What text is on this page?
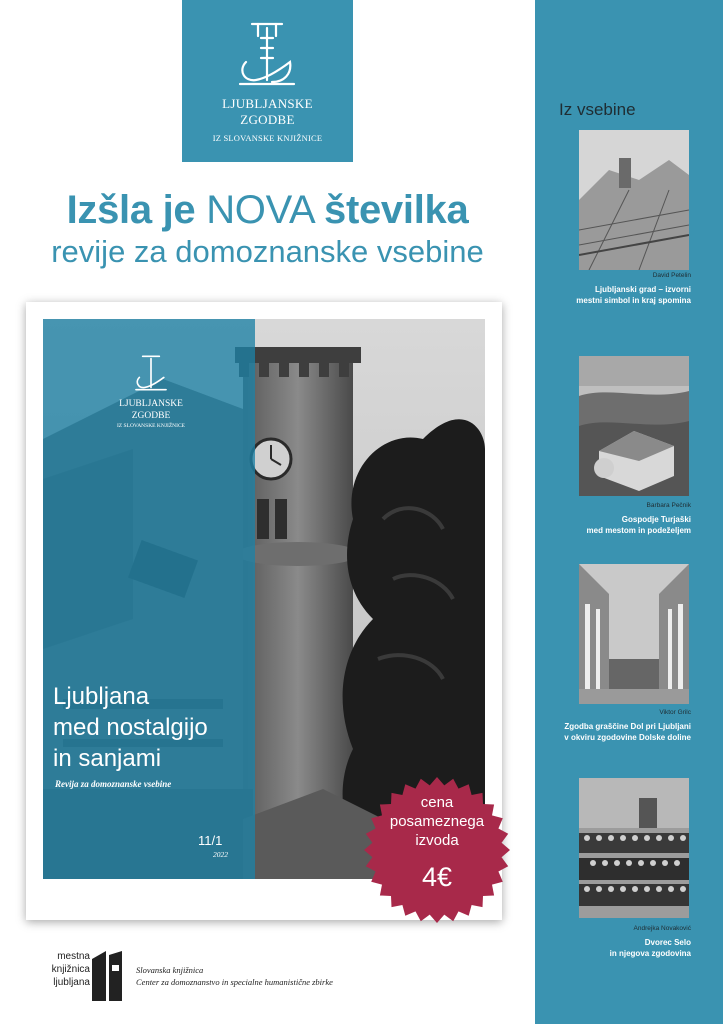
LJUBLJANSKE
ZGODBE
IZ SLOVANSKE KNJIŽNICE
Izšla je NOVA številka
revije za domoznanske vsebine
LJUBLJANSKE
ZGODBE
IZ SLOVANSKE KNJIŽNICE
Ljubljana
med nostalgijo
in sanjami
Revija za domoznanske vsebine
11/1
2022
cena
posameznega
izvoda
4€
mestna
knjižnica
ljubljana
Slovanska knjižnica
Center za domoznanstvo in specialne humanistične zbirke
Iz vsebine
David Petelin
Ljubljanski grad – izvorni
mestni simbol in kraj spomina
Barbara Pečnik
Gospodje Turjaški
med mestom in podeželjem
Viktor Grilc
Zgodba graščine Dol pri Ljubljani
v okviru zgodovine Dolske doline
Andrejka Novaković
Dvorec Selo
in njegova zgodovina
